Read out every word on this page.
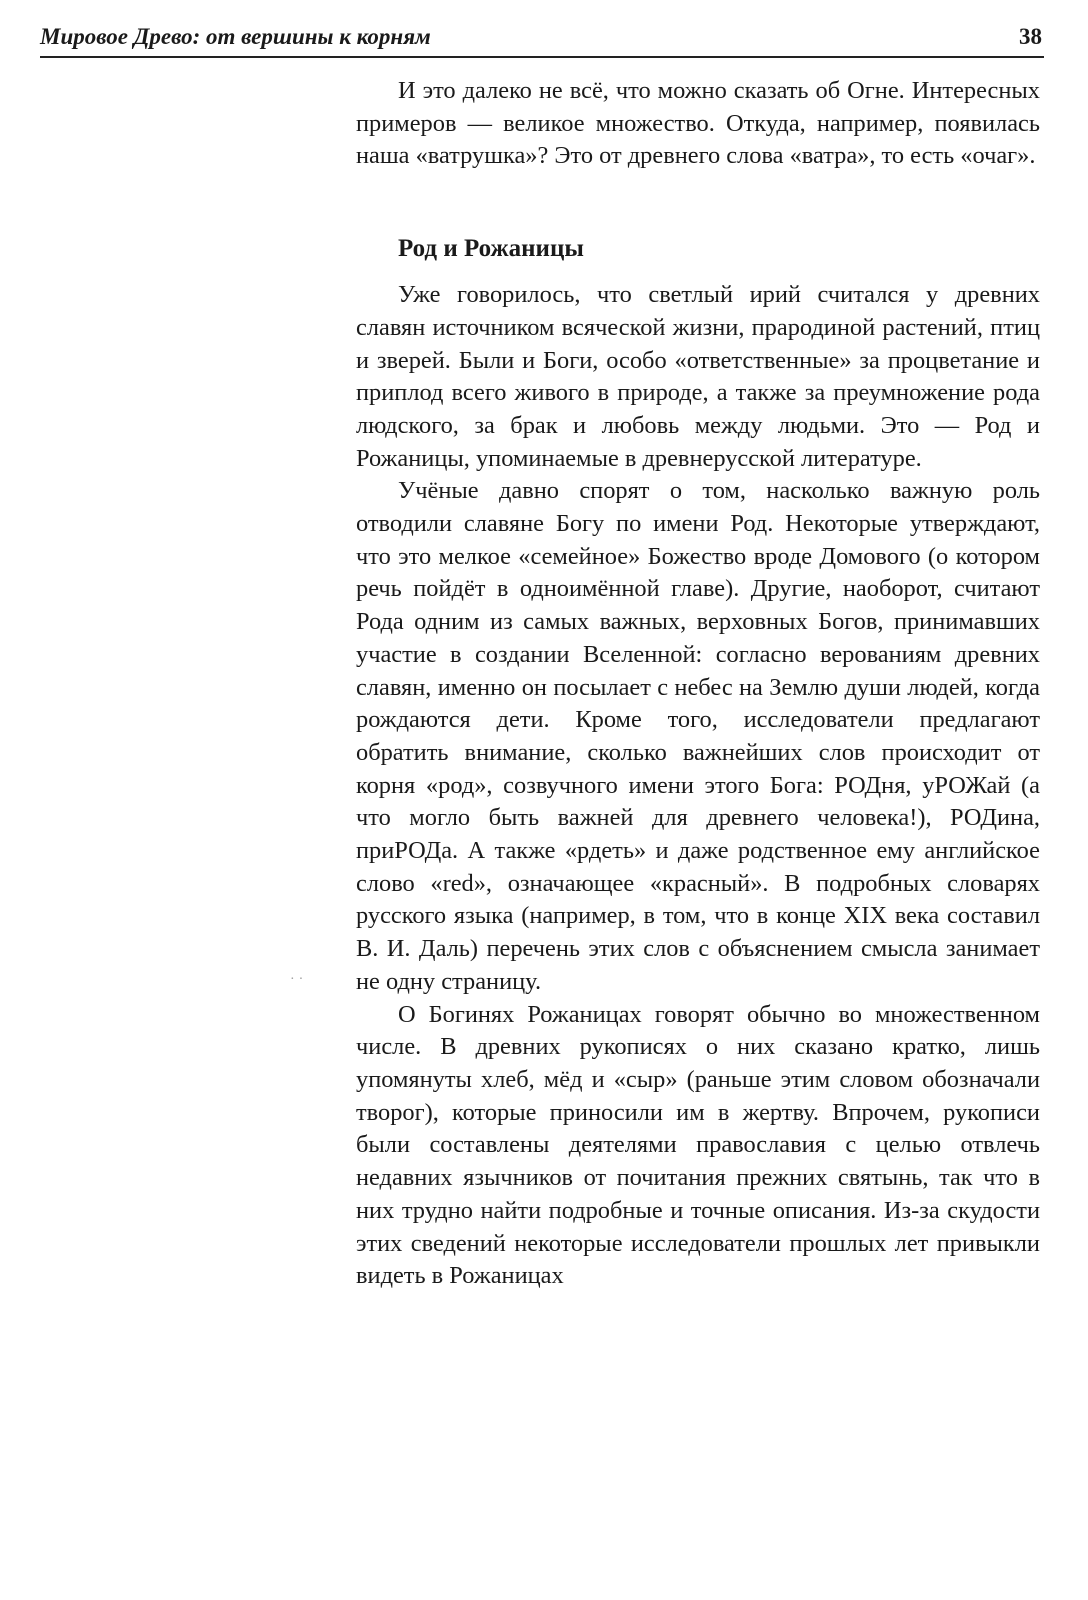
Мировое Древо: от вершины к корням	38

И это далеко не всё, что можно сказать об Огне. Интересных примеров — великое множество. Откуда, например, появилась наша «ватрушка»? Это от древнего слова «ватра», то есть «очаг».

Род и Рожаницы

Уже говорилось, что светлый ирий считался у древних славян источником всяческой жизни, прародиной растений, птиц и зверей. Были и Боги, особо «ответственные» за процветание и приплод всего живого в природе, а также за преумножение рода людского, за брак и любовь между людьми. Это — Род и Рожаницы, упоминаемые в древнерусской литературе.

Учёные давно спорят о том, насколько важную роль отводили славяне Богу по имени Род. Некоторые утверждают, что это мелкое «семейное» Божество вроде Домового (о котором речь пойдёт в одноимённой главе). Другие, наоборот, считают Рода одним из самых важных, верховных Богов, принимавших участие в создании Вселенной: согласно верованиям древних славян, именно он посылает с небес на Землю души людей, когда рождаются дети. Кроме того, исследователи предлагают обратить внимание, сколько важнейших слов происходит от корня «род», созвучного имени этого Бога: РОДня, уРОЖай (а что могло быть важней для древнего человека!), РОДина, приРОДа. А также «рдеть» и даже родственное ему английское слово «red», означающее «красный». В подробных словарях русского языка (например, в том, что в конце XIX века составил В. И. Даль) перечень этих слов с объяснением смысла занимает не одну страницу.

О Богинях Рожаницах говорят обычно во множественном числе. В древних рукописях о них сказано кратко, лишь упомянуты хлеб, мёд и «сыр» (раньше этим словом обозначали творог), которые приносили им в жертву. Впрочем, рукописи были составлены деятелями православия с целью отвлечь недавних язычников от почитания прежних святынь, так что в них трудно найти подробные и точные описания. Из-за скудости этих сведений некоторые исследователи прошлых лет привыкли видеть в Рожаницах

··
